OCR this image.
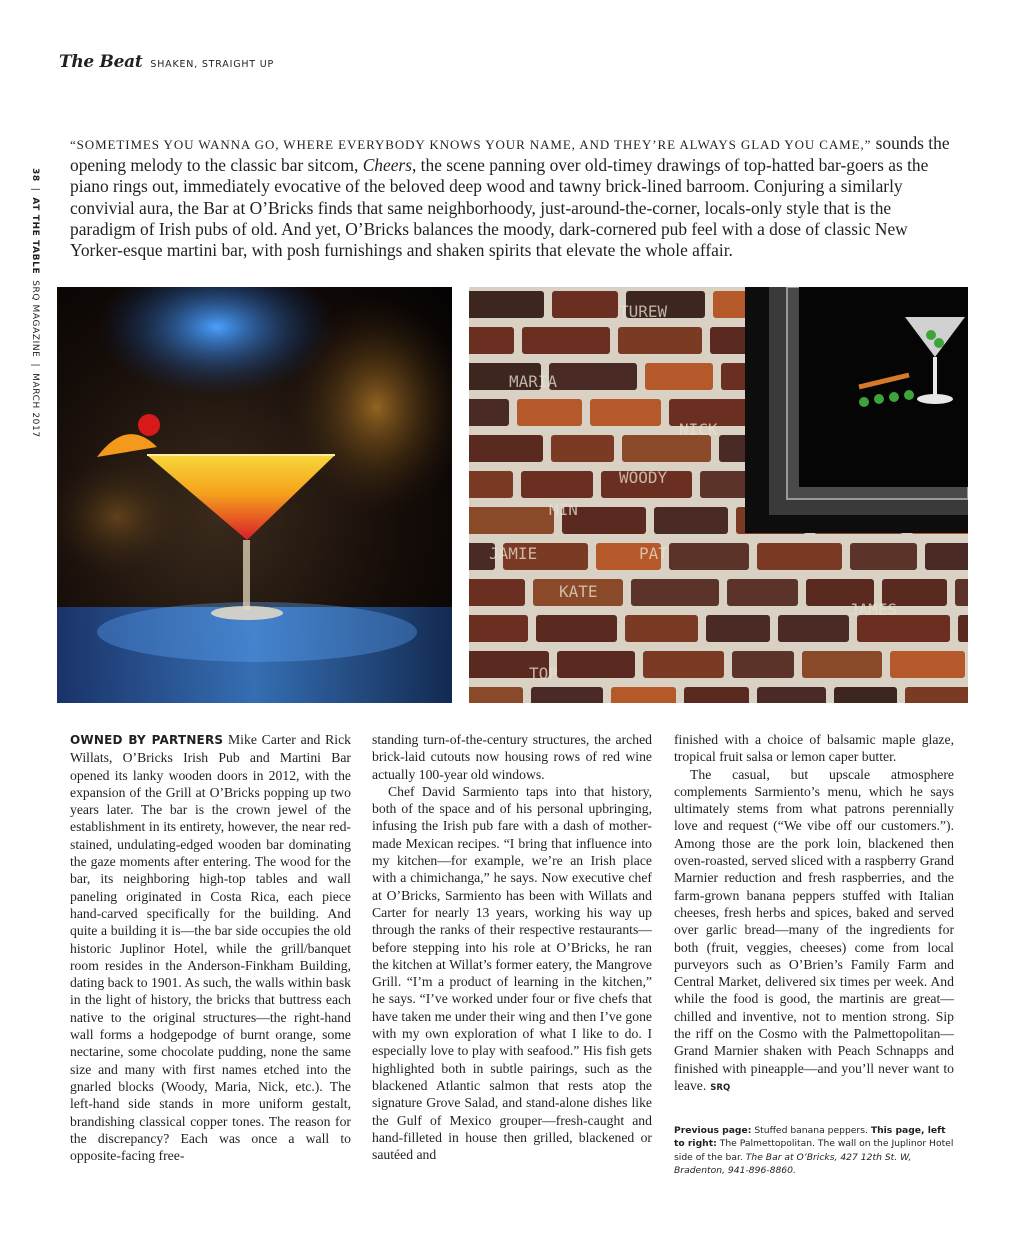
The Beat SHAKEN, STRAIGHT UP
38
|
AT THE TABLE
SRQ MAGAZINE
|
MARCH 2017
“SOMETIMES YOU WANNA GO, WHERE EVERYBODY KNOWS YOUR NAME, AND THEY’RE ALWAYS GLAD YOU CAME,” sounds the opening melody to the classic bar sitcom, Cheers, the scene panning over old-timey drawings of top-hatted bar-goers as the piano rings out, immediately evocative of the beloved deep wood and tawny brick-lined barroom. Conjuring a similarly convivial aura, the Bar at O’Bricks finds that same neighborhoody, just-around-the-corner, locals-only style that is the paradigm of Irish pubs of old. And yet, O’Bricks balances the moody, dark-cornered pub feel with a dose of classic New Yorker-esque martini bar, with posh furnishings and shaken spirits that elevate the whole affair.
TUREW
MARIA
NICK
WOODY
MIN
PAT
JAMIE
KATE
JAMES
TOP

OWNED BY PARTNERS Mike Carter and Rick Willats, O’Bricks Irish Pub and Martini Bar opened its lanky wooden doors in 2012, with the expansion of the Grill at O’Bricks popping up two years later. The bar is the crown jewel of the establishment in its entirety, however, the near red-stained, undulating-edged wooden bar dominating the gaze moments after entering. The wood for the bar, its neighboring high-top tables and wall paneling originated in Costa Rica, each piece hand-carved specifically for the building. And quite a building it is—the bar side occupies the old historic Juplinor Hotel, while the grill/banquet room resides in the Anderson-Finkham Building, dating back to 1901. As such, the walls within bask in the light of history, the bricks that buttress each native to the original structures—the right-hand wall forms a hodgepodge of burnt orange, some nectarine, some chocolate pudding, none the same size and many with first names etched into the gnarled blocks (Woody, Maria, Nick, etc.). The left-hand side stands in more uniform gestalt, brandishing classical copper tones. The reason for the discrepancy? Each was once a wall to opposite-facing free-

standing turn-of-the-century structures, the arched brick-laid cutouts now housing rows of red wine actually 100-year old windows.

Chef David Sarmiento taps into that history, both of the space and of his personal upbringing, infusing the Irish pub fare with a dash of mother-made Mexican recipes. “I bring that influence into my kitchen—for example, we’re an Irish place with a chimichanga,” he says. Now executive chef at O’Bricks, Sarmiento has been with Willats and Carter for nearly 13 years, working his way up through the ranks of their respective restaurants—before stepping into his role at O’Bricks, he ran the kitchen at Willat’s former eatery, the Mangrove Grill. “I’m a product of learning in the kitchen,” he says. “I’ve worked under four or five chefs that have taken me under their wing and then I’ve gone with my own exploration of what I like to do. I especially love to play with seafood.” His fish gets highlighted both in subtle pairings, such as the blackened Atlantic salmon that rests atop the signature Grove Salad, and stand-alone dishes like the Gulf of Mexico grouper—fresh-caught and hand-filleted in house then grilled, blackened or sautéed and

finished with a choice of balsamic maple glaze, tropical fruit salsa or lemon caper butter.

The casual, but upscale atmosphere complements Sarmiento’s menu, which he says ultimately stems from what patrons perennially love and request (“We vibe off our customers.”). Among those are the pork loin, blackened then oven-roasted, served sliced with a raspberry Grand Marnier reduction and fresh raspberries, and the farm-grown banana peppers stuffed with Italian cheeses, fresh herbs and spices, baked and served over garlic bread—many of the ingredients for both (fruit, veggies, cheeses) come from local purveyors such as O’Brien’s Family Farm and Central Market, delivered six times per week. And while the food is good, the martinis are great—chilled and inventive, not to mention strong. Sip the riff on the Cosmo with the Palmettopolitan—Grand Marnier shaken with Peach Schnapps and finished with pineapple—and you’ll never want to leave. SRQ

Previous page: Stuffed banana peppers. This page, left to right: The Palmettopolitan. The wall on the Juplinor Hotel side of the bar. The Bar at O’Bricks, 427 12th St. W, Bradenton, 941-896-8860.
